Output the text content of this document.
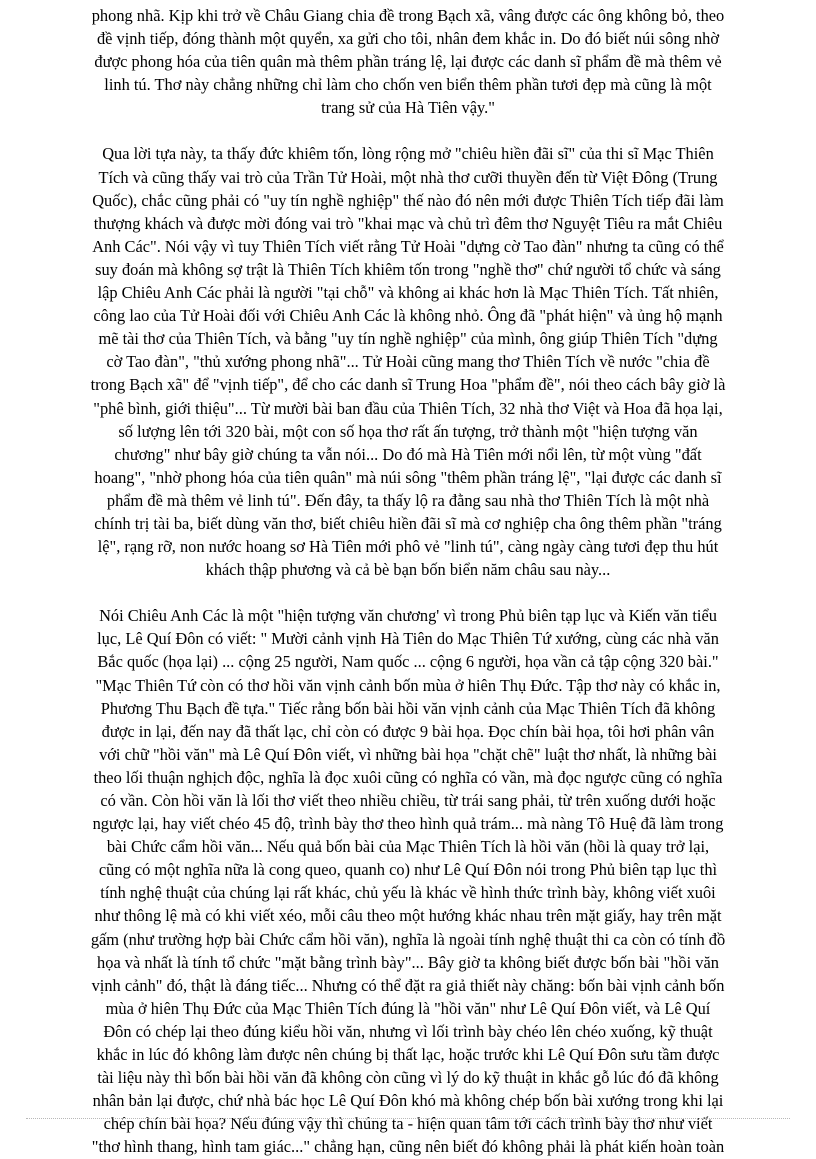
phong nhã. Kịp khi trở về Châu Giang chia đề trong Bạch xã, vâng được các ông không bỏ, theo

đề vịnh tiếp, đóng thành một quyển, xa gửi cho tôi, nhân đem khắc in. Do đó biết núi sông nhờ

được phong hóa của tiên quân mà thêm phần tráng lệ, lại được các danh sĩ phẩm đề mà thêm vẻ

linh tú. Thơ này chẳng những chỉ làm cho chốn ven biển thêm phần tươi đẹp mà cũng là một

trang sử của Hà Tiên vậy."

Qua lời tựa này, ta thấy đức khiêm tốn, lòng rộng mở "chiêu hiền đãi sĩ" của thi sĩ Mạc Thiên

Tích và cũng thấy vai trò của Trần Tử Hoài, một nhà thơ cưỡi thuyền đến từ Việt Đông (Trung

Quốc), chắc cũng phải có "uy tín nghề nghiệp" thế nào đó nên mới được Thiên Tích tiếp đãi làm

thượng khách và được mời đóng vai trò "khai mạc và chủ trì đêm thơ Nguyệt Tiêu ra mắt Chiêu

Anh Các". Nói vậy vì tuy Thiên Tích viết rằng Tử Hoài "dựng cờ Tao đàn" nhưng ta cũng có thể

suy đoán mà không sợ trật là Thiên Tích khiêm tốn trong "nghề thơ" chứ người tổ chức và sáng

lập Chiêu Anh Các phải là người "tại chỗ" và không ai khác hơn là Mạc Thiên Tích. Tất nhiên,

công lao của Tử Hoài đối với Chiêu Anh Các là không nhỏ. Ông đã "phát hiện" và ủng hộ mạnh

mẽ tài thơ của Thiên Tích, và bằng "uy tín nghề nghiệp" của mình, ông giúp Thiên Tích "dựng

cờ Tao đàn", "thủ xướng phong nhã"... Tử Hoài cũng mang thơ Thiên Tích về nước "chia đề

trong Bạch xã" để "vịnh tiếp", để cho các danh sĩ Trung Hoa "phẩm đề", nói theo cách bây giờ là

"phê bình, giới thiệu"... Từ mười bài ban đầu của Thiên Tích, 32 nhà thơ Việt và Hoa đã họa lại,

số lượng lên tới 320 bài, một con số họa thơ rất ấn tượng, trở thành một "hiện tượng văn

chương" như bây giờ chúng ta vẫn nói... Do đó mà Hà Tiên mới nổi lên, từ một vùng "đất

hoang", "nhờ phong hóa của tiên quân" mà núi sông "thêm phần tráng lệ", "lại được các danh sĩ

phẩm đề mà thêm vẻ linh tú". Đến đây, ta thấy lộ ra đằng sau nhà thơ Thiên Tích là một nhà

chính trị tài ba, biết dùng văn thơ, biết chiêu hiền đãi sĩ mà cơ nghiệp cha ông thêm phần "tráng

lệ", rạng rỡ, non nước hoang sơ Hà Tiên mới phô vẻ "linh tú", càng ngày càng tươi đẹp thu hút

khách thập phương và cả bè bạn bốn biển năm châu sau này...

Nói Chiêu Anh Các là một "hiện tượng văn chương' vì trong Phủ biên tạp lục và Kiến văn tiểu

lục, Lê Quí Đôn có viết: " Mười cảnh vịnh Hà Tiên do Mạc Thiên Tứ xướng, cùng các nhà văn

Bắc quốc (họa lại) ... cộng 25 người, Nam quốc ... cộng 6 người, họa vần cả tập cộng 320 bài."

"Mạc Thiên Tứ còn có thơ hồi văn vịnh cảnh bốn mùa ở hiên Thụ Đức. Tập thơ này có khắc in,

Phương Thu Bạch đề tựa." Tiếc rằng bốn bài hồi văn vịnh cảnh của Mạc Thiên Tích đã không

được in lại, đến nay đã thất lạc, chỉ còn có được 9 bài họa. Đọc chín bài họa, tôi hơi phân vân

với chữ "hồi văn" mà Lê Quí Đôn viết, vì những bài họa "chặt chẽ" luật thơ nhất, là những bài

theo lối thuận nghịch độc, nghĩa là đọc xuôi cũng có nghĩa có vần, mà đọc ngược cũng có nghĩa

có vần. Còn hồi văn là lối thơ viết theo nhiều chiều, từ trái sang phải, từ trên xuống dưới hoặc

ngược lại, hay viết chéo 45 độ, trình bày thơ theo hình quả trám... mà nàng Tô Huệ đã làm trong

bài Chức cẩm hồi văn... Nếu quả bốn bài của Mạc Thiên Tích là hồi văn (hồi là quay trở lại,

cũng có một nghĩa nữa là cong queo, quanh co) như Lê Quí Đôn nói trong Phủ biên tạp lục thì

tính nghệ thuật của chúng lại rất khác, chủ yếu là khác về hình thức trình bày, không viết xuôi

như thông lệ mà có khi viết xéo, mỗi câu theo một hướng khác nhau trên mặt giấy, hay trên mặt

gấm (như trường hợp bài Chức cẩm hồi văn), nghĩa là ngoài tính nghệ thuật thi ca còn có tính đồ

họa và nhất là tính tổ chức "mặt bằng trình bày"... Bây giờ ta không biết được bốn bài "hồi văn

vịnh cảnh" đó, thật là đáng tiếc... Nhưng có thể đặt ra giả thiết này chăng: bốn bài vịnh cảnh bốn

mùa ở hiên Thụ Đức của Mạc Thiên Tích đúng là "hồi văn" như Lê Quí Đôn viết, và Lê Quí

Đôn có chép lại theo đúng kiểu hồi văn, nhưng vì lối trình bày chéo lên chéo xuống, kỹ thuật

khắc in lúc đó không làm được nên chúng bị thất lạc, hoặc trước khi Lê Quí Đôn sưu tầm được

tài liệu này thì bốn bài hồi văn đã không còn cũng vì lý do kỹ thuật in khắc gỗ lúc đó đã không

nhân bản lại được, chứ nhà bác học Lê Quí Đôn khó mà không chép bốn bài xướng trong khi lại

chép chín bài họa? Nếu đúng vậy thì chúng ta - hiện quan tâm tới cách trình bày thơ như viết

"thơ hình thang, hình tam giác..." chẳng hạn, cũng nên biết đó không phải là phát kiến hoàn toàn
